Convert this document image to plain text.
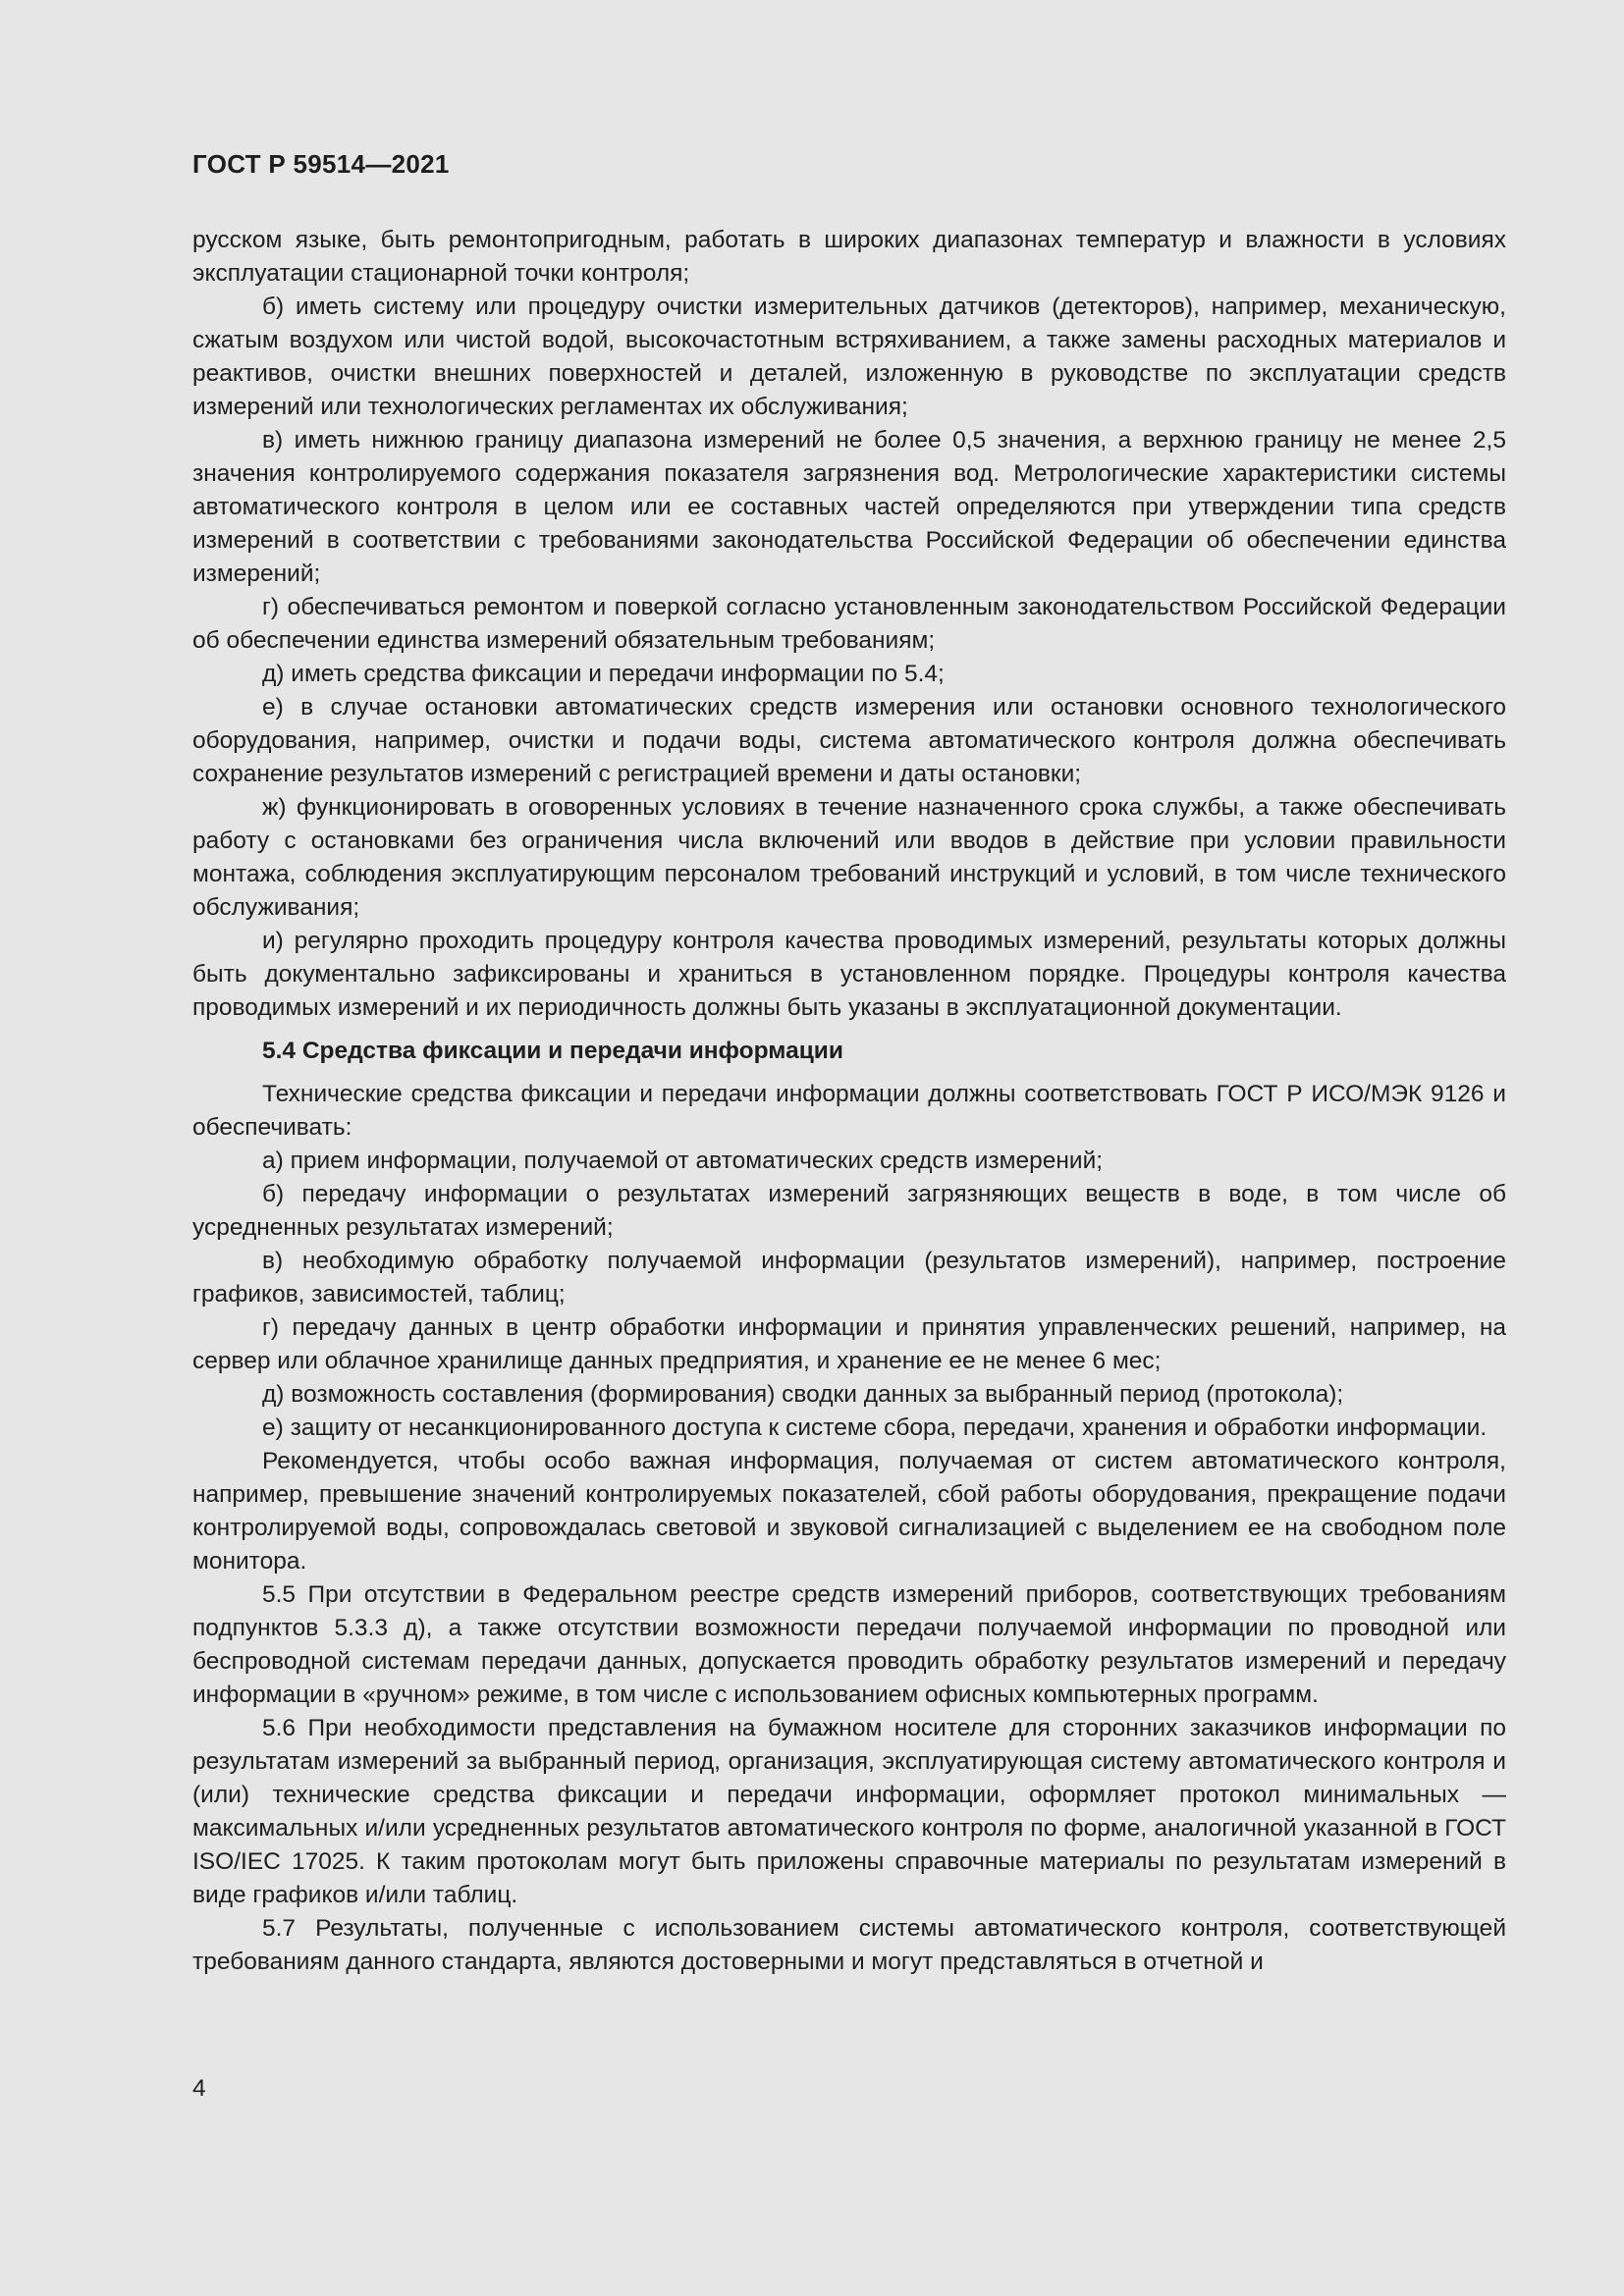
ГОСТ Р 59514—2021

русском языке, быть ремонтопригодным, работать в широких диапазонах температур и влажности в условиях эксплуатации стационарной точки контроля;

б) иметь систему или процедуру очистки измерительных датчиков (детекторов), например, механическую, сжатым воздухом или чистой водой, высокочастотным встряхиванием, а также замены расходных материалов и реактивов, очистки внешних поверхностей и деталей, изложенную в руководстве по эксплуатации средств измерений или технологических регламентах их обслуживания;

в) иметь нижнюю границу диапазона измерений не более 0,5 значения, а верхнюю границу не менее 2,5 значения контролируемого содержания показателя загрязнения вод. Метрологические характеристики системы автоматического контроля в целом или ее составных частей определяются при утверждении типа средств измерений в соответствии с требованиями законодательства Российской Федерации об обеспечении единства измерений;

г) обеспечиваться ремонтом и поверкой согласно установленным законодательством Российской Федерации об обеспечении единства измерений обязательным требованиям;

д) иметь средства фиксации и передачи информации по 5.4;

е) в случае остановки автоматических средств измерения или остановки основного технологического оборудования, например, очистки и подачи воды, система автоматического контроля должна обеспечивать сохранение результатов измерений с регистрацией времени и даты остановки;

ж) функционировать в оговоренных условиях в течение назначенного срока службы, а также обеспечивать работу с остановками без ограничения числа включений или вводов в действие при условии правильности монтажа, соблюдения эксплуатирующим персоналом требований инструкций и условий, в том числе технического обслуживания;

и) регулярно проходить процедуру контроля качества проводимых измерений, результаты которых должны быть документально зафиксированы и храниться в установленном порядке. Процедуры контроля качества проводимых измерений и их периодичность должны быть указаны в эксплуатационной документации.

5.4 Средства фиксации и передачи информации

Технические средства фиксации и передачи информации должны соответствовать ГОСТ Р ИСО/МЭК 9126 и обеспечивать:

а) прием информации, получаемой от автоматических средств измерений;

б) передачу информации о результатах измерений загрязняющих веществ в воде, в том числе об усредненных результатах измерений;

в) необходимую обработку получаемой информации (результатов измерений), например, построение графиков, зависимостей, таблиц;

г) передачу данных в центр обработки информации и принятия управленческих решений, например, на сервер или облачное хранилище данных предприятия, и хранение ее не менее 6 мес;

д) возможность составления (формирования) сводки данных за выбранный период (протокола);

е) защиту от несанкционированного доступа к системе сбора, передачи, хранения и обработки информации.

Рекомендуется, чтобы особо важная информация, получаемая от систем автоматического контроля, например, превышение значений контролируемых показателей, сбой работы оборудования, прекращение подачи контролируемой воды, сопровождалась световой и звуковой сигнализацией с выделением ее на свободном поле монитора.

5.5 При отсутствии в Федеральном реестре средств измерений приборов, соответствующих требованиям подпунктов 5.3.3 д), а также отсутствии возможности передачи получаемой информации по проводной или беспроводной системам передачи данных, допускается проводить обработку результатов измерений и передачу информации в «ручном» режиме, в том числе с использованием офисных компьютерных программ.

5.6 При необходимости представления на бумажном носителе для сторонних заказчиков информации по результатам измерений за выбранный период, организация, эксплуатирующая систему автоматического контроля и (или) технические средства фиксации и передачи информации, оформляет протокол минимальных — максимальных и/или усредненных результатов автоматического контроля по форме, аналогичной указанной в ГОСТ ISO/IEC 17025. К таким протоколам могут быть приложены справочные материалы по результатам измерений в виде графиков и/или таблиц.

5.7 Результаты, полученные с использованием системы автоматического контроля, соответствующей требованиям данного стандарта, являются достоверными и могут представляться в отчетной и

4
